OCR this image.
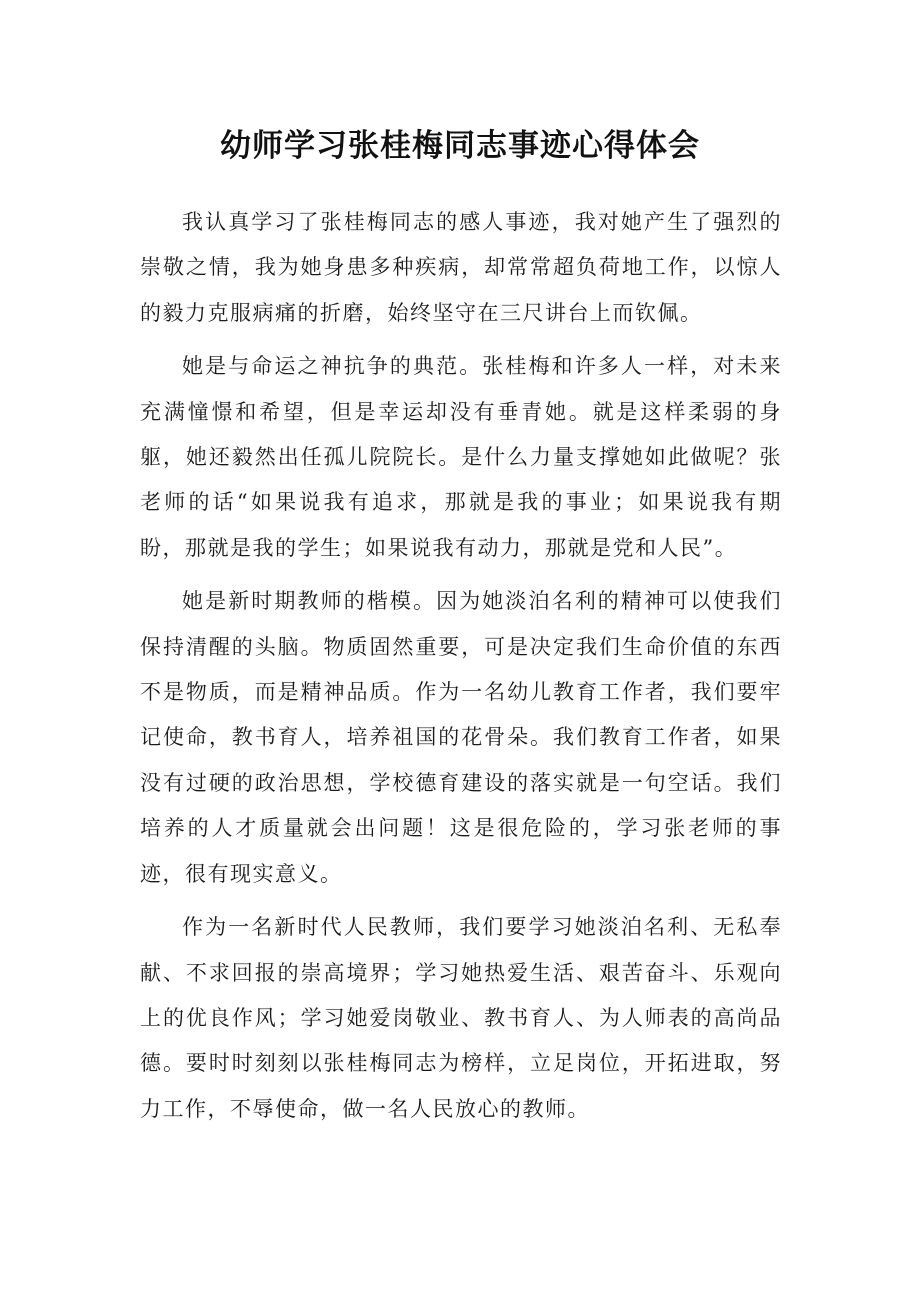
幼师学习张桂梅同志事迹心得体会

我认真学习了张桂梅同志的感人事迹，我对她产生了强烈的崇敬之情，我为她身患多种疾病，却常常超负荷地工作，以惊人的毅力克服病痛的折磨，始终坚守在三尺讲台上而钦佩。

她是与命运之神抗争的典范。张桂梅和许多人一样，对未来充满憧憬和希望，但是幸运却没有垂青她。就是这样柔弱的身躯，她还毅然出任孤儿院院长。是什么力量支撑她如此做呢？张老师的话“如果说我有追求，那就是我的事业；如果说我有期盼，那就是我的学生；如果说我有动力，那就是党和人民”。

她是新时期教师的楷模。因为她淡泊名利的精神可以使我们保持清醒的头脑。物质固然重要，可是决定我们生命价值的东西不是物质，而是精神品质。作为一名幼儿教育工作者，我们要牢记使命，教书育人，培养祖国的花骨朵。我们教育工作者，如果没有过硬的政治思想，学校德育建设的落实就是一句空话。我们培养的人才质量就会出问题！这是很危险的，学习张老师的事迹，很有现实意义。

作为一名新时代人民教师，我们要学习她淡泊名利、无私奉献、不求回报的崇高境界；学习她热爱生活、艰苦奋斗、乐观向上的优良作风；学习她爱岗敬业、教书育人、为人师表的高尚品德。要时时刻刻以张桂梅同志为榜样，立足岗位，开拓进取，努力工作，不辱使命，做一名人民放心的教师。
